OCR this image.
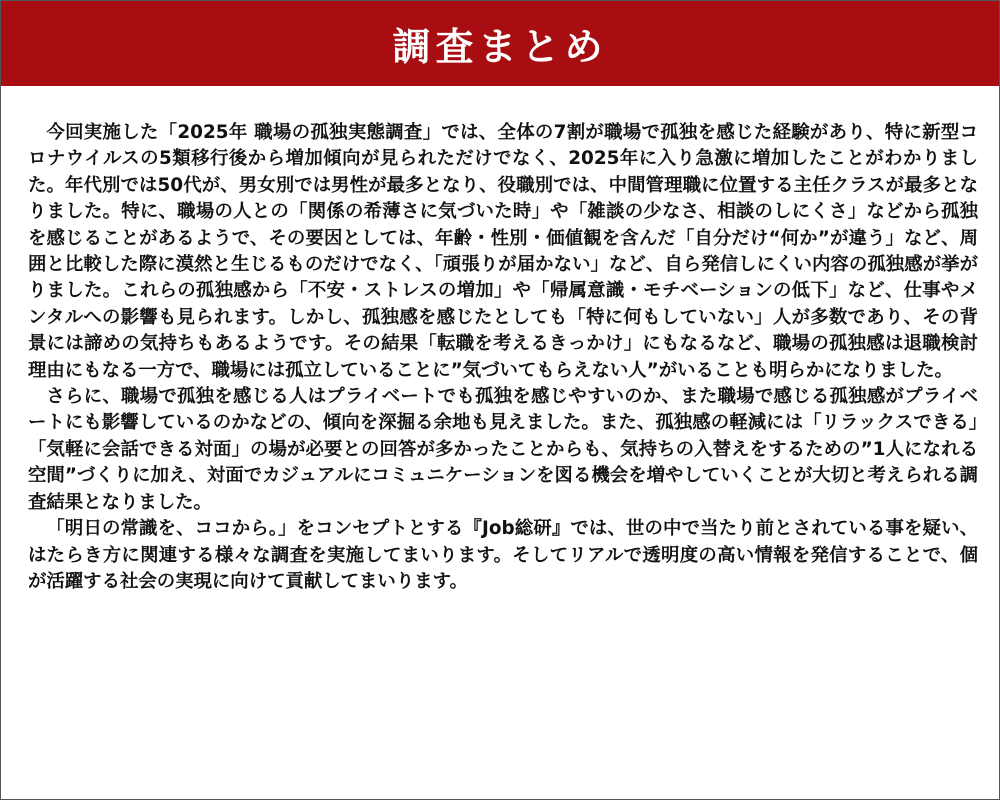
調査まとめ

今回実施した「2025年 職場の孤独実態調査」では、全体の7割が職場で孤独を感じた経験があり、特に新型コロナウイルスの5類移行後から増加傾向が見られただけでなく、2025年に入り急激に増加したことがわかりました。年代別では50代が、男女別では男性が最多となり、役職別では、中間管理職に位置する主任クラスが最多となりました。特に、職場の人との「関係の希薄さに気づいた時」や「雑談の少なさ、相談のしにくさ」などから孤独を感じることがあるようで、その要因としては、年齢・性別・価値観を含んだ「自分だけ“何か”が違う」など、周囲と比較した際に漠然と生じるものだけでなく、「頑張りが届かない」など、自ら発信しにくい内容の孤独感が挙がりました。これらの孤独感から「不安・ストレスの増加」や「帰属意識・モチベーションの低下」など、仕事やメンタルへの影響も見られます。しかし、孤独感を感じたとしても「特に何もしていない」人が多数であり、その背景には諦めの気持ちもあるようです。その結果「転職を考えるきっかけ」にもなるなど、職場の孤独感は退職検討理由にもなる一方で、職場には孤立していることに”気づいてもらえない人”がいることも明らかになりました。

さらに、職場で孤独を感じる人はプライベートでも孤独を感じやすいのか、また職場で感じる孤独感がプライベートにも影響しているのかなどの、傾向を深掘る余地も見えました。また、孤独感の軽減には「リラックスできる」「気軽に会話できる対面」の場が必要との回答が多かったことからも、気持ちの入替えをするための”1人になれる空間”づくりに加え、対面でカジュアルにコミュニケーションを図る機会を増やしていくことが大切と考えられる調査結果となりました。

「明日の常識を、ココから。」をコンセプトとする『Job総研』では、世の中で当たり前とされている事を疑い、はたらき方に関連する様々な調査を実施してまいります。そしてリアルで透明度の高い情報を発信することで、個が活躍する社会の実現に向けて貢献してまいります。
